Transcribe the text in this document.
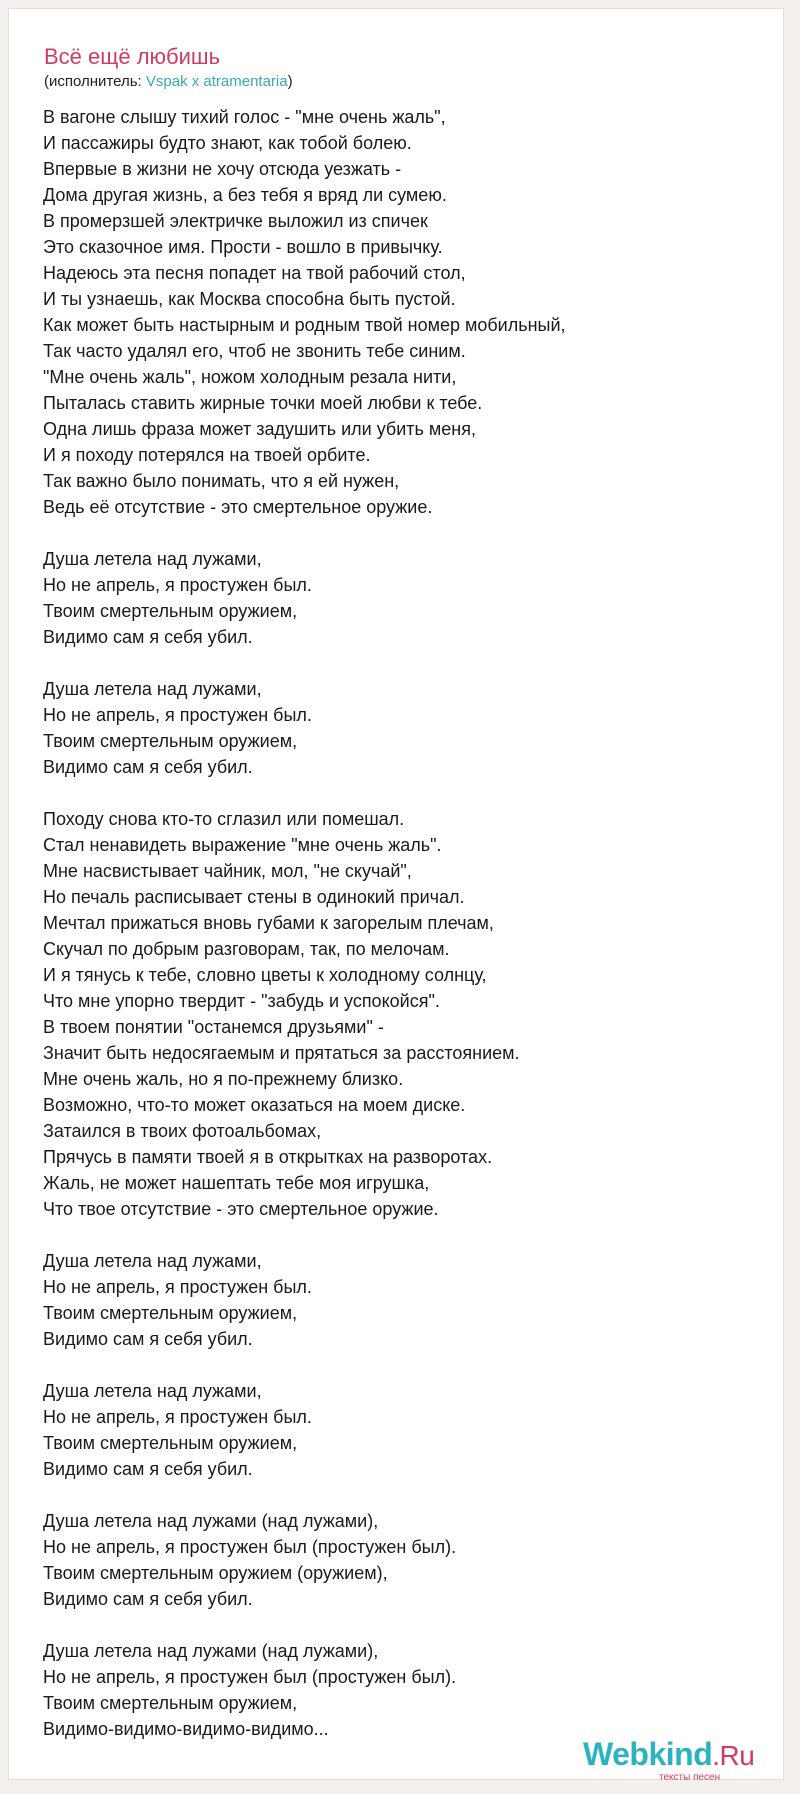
Всё ещё любишь
(исполнитель: Vspak x atramentaria)
В вагоне слышу тихий голос - "мне очень жаль",
И пассажиры будто знают, как тобой болею.
Впервые в жизни не хочу отсюда уезжать -
Дома другая жизнь, а без тебя я вряд ли сумею.
В промерзшей электричке выложил из спичек
Это сказочное имя. Прости - вошло в привычку.
Надеюсь эта песня попадет на твой рабочий стол,
И ты узнаешь, как Москва способна быть пустой.
Как может быть настырным и родным твой номер мобильный,
Так часто удалял его, чтоб не звонить тебе синим.
"Мне очень жаль", ножом холодным резала нити,
Пыталась ставить жирные точки моей любви к тебе.
Одна лишь фраза может задушить или убить меня,
И я походу потерялся на твоей орбите.
Так важно было понимать, что я ей нужен,
Ведь её отсутствие - это смертельное оружие.
Душа летела над лужами,
Но не апрель, я простужен был.
Твоим смертельным оружием,
Видимо сам я себя убил.
Душа летела над лужами,
Но не апрель, я простужен был.
Твоим смертельным оружием,
Видимо сам я себя убил.
Походу снова кто-то сглазил или помешал.
Стал ненавидеть выражение "мне очень жаль".
Мне насвистывает чайник, мол, "не скучай",
Но печаль расписывает стены в одинокий причал.
Мечтал прижаться вновь губами к загорелым плечам,
Скучал по добрым разговорам, так, по мелочам.
И я тянусь к тебе, словно цветы к холодному солнцу,
Что мне упорно твердит - "забудь и успокойся".
В твоем понятии "останемся друзьями" -
Значит быть недосягаемым и прятаться за расстоянием.
Мне очень жаль, но я по-прежнему близко.
Возможно, что-то может оказаться на моем диске.
Затаился в твоих фотоальбомах,
Прячусь в памяти твоей я в открытках на разворотах.
Жаль, не может нашептать тебе моя игрушка,
Что твое отсутствие - это смертельное оружие.
Душа летела над лужами,
Но не апрель, я простужен был.
Твоим смертельным оружием,
Видимо сам я себя убил.
Душа летела над лужами,
Но не апрель, я простужен был.
Твоим смертельным оружием,
Видимо сам я себя убил.
Душа летела над лужами (над лужами),
Но не апрель, я простужен был (простужен был).
Твоим смертельным оружием (оружием),
Видимо сам я себя убил.
Душа летела над лужами (над лужами),
Но не апрель, я простужен был (простужен был).
Твоим смертельным оружием,
Видимо-видимо-видимо-видимо...
Webkind.Ru
тексты песен
